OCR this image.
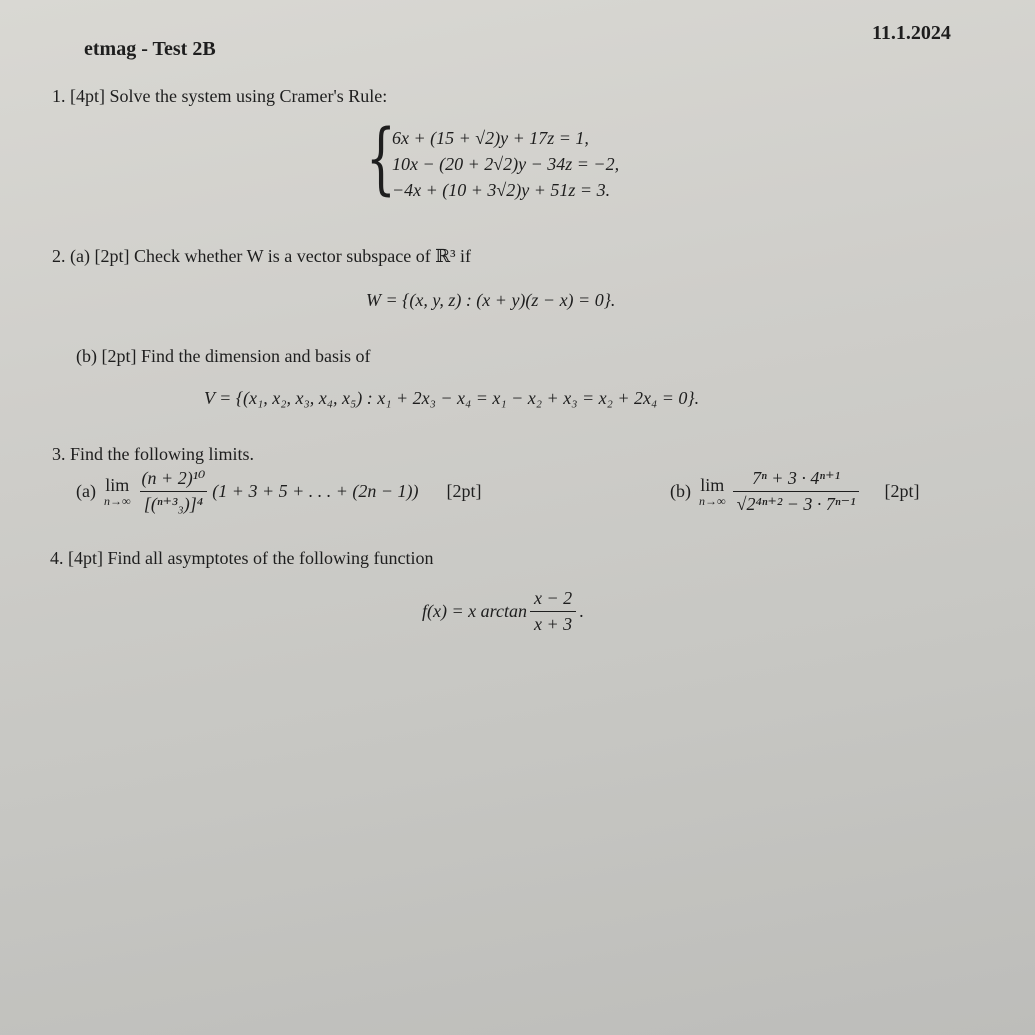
etmag - Test 2B
11.1.2024
1. [4pt] Solve the system using Cramer's Rule:
{
6x + (15 + √2)y + 17z = 1,
10x − (20 + 2√2)y − 34z = −2,
−4x + (10 + 3√2)y + 51z = 3.
2. (a) [2pt] Check whether W is a vector subspace of ℝ³ if
W = {(x, y, z) : (x + y)(z − x) = 0}.
(b) [2pt] Find the dimension and basis of
V = {(x₁, x₂, x₃, x₄, x₅) : x₁ + 2x₃ − x₄ = x₁ − x₂ + x₃ = x₂ + 2x₄ = 0}.
3. Find the following limits.
(a) lim
$n\to\infty \frac{\text{(n + 2)¹⁰}}{\text{[(ⁿ⁺³₃)]⁴}} (1 + 3 + 5$ + . . . + (2n − 1)) [2pt]	(b) lim
$n\to\infty \frac{\text{7ⁿ + 3 · 4ⁿ⁺¹}}{\text{√2⁴ⁿ⁺² − 3 · 7ⁿ⁻¹}} [2pt]$
4. [4pt] Find all asymptotes of the following function
f(x) = x $\arctan \frac{x - 2}{x + 3}$ .
